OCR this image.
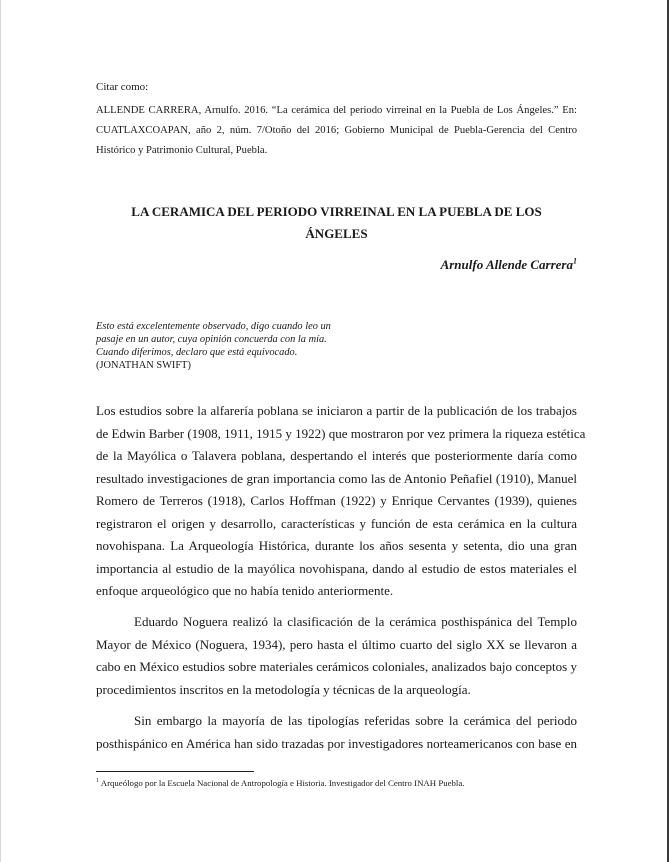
Citar como:
ALLENDE CARRERA, Arnulfo. 2016. “La cerámica del periodo virreinal en la Puebla de Los Ángeles.” En:
CUATLAXCOAPAN, año 2, núm. 7/Otoño del 2016; Gobierno Municipal de Puebla-Gerencia del Centro
Histórico y Patrimonio Cultural, Puebla.
LA CERAMICA DEL PERIODO VIRREINAL EN LA PUEBLA DE LOS
ÁNGELES
Arnulfo Allende Carrera$^1$
Esto está excelentemente observado, digo cuando leo un
pasaje en un autor, cuya opinión concuerda con la mía.
Cuando diferimos, declaro que está equivocado.
(JONATHAN SWIFT)
Los estudios sobre la alfarería poblana se iniciaron a partir de la publicación de los trabajos
de Edwin Barber (1908, 1911, 1915 y 1922) que mostraron por vez primera la riqueza estética
de la Mayólica o Talavera poblana, despertando el interés que posteriormente daría como
resultado investigaciones de gran importancia como las de Antonio Peñafiel (1910), Manuel
Romero de Terreros (1918), Carlos Hoffman (1922) y Enrique Cervantes (1939), quienes
registraron el origen y desarrollo, características y función de esta cerámica en la cultura
novohispana. La Arqueología Histórica, durante los años sesenta y setenta, dio una gran
importancia al estudio de la mayólica novohispana, dando al estudio de estos materiales el
enfoque arqueológico que no había tenido anteriormente.
Eduardo Noguera realizó la clasificación de la cerámica posthispánica del Templo
Mayor de México (Noguera, 1934), pero hasta el último cuarto del siglo XX se llevaron a
cabo en México estudios sobre materiales cerámicos coloniales, analizados bajo conceptos y
procedimientos inscritos en la metodología y técnicas de la arqueología.
Sin embargo la mayoría de las tipologías referidas sobre la cerámica del periodo
posthispánico en América han sido trazadas por investigadores norteamericanos con base en
$^1$ Arqueólogo por la Escuela Nacional de Antropología e Historia. Investigador del Centro INAH Puebla.
